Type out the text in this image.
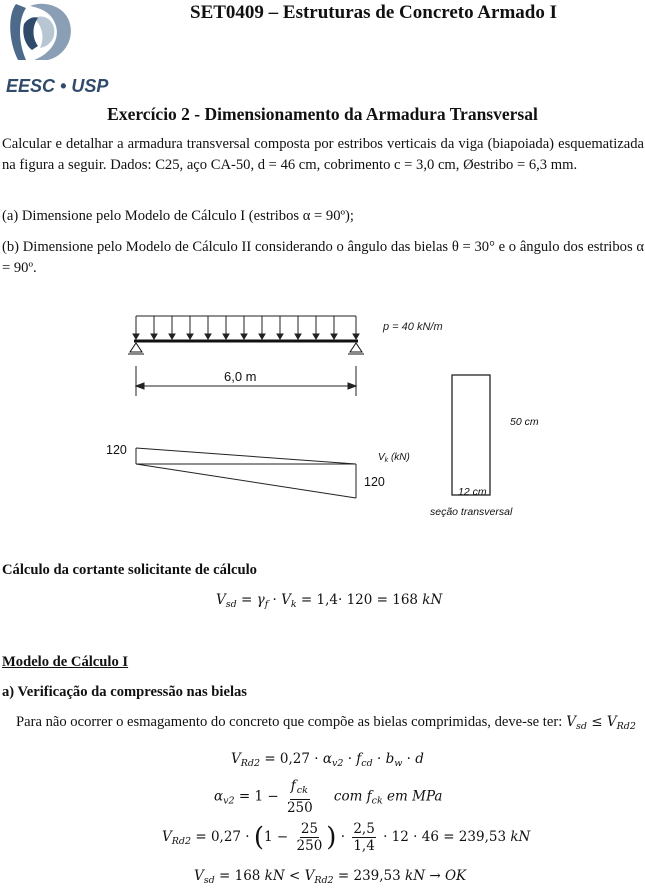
EESC • USP
SET0409 – Estruturas de Concreto Armado I
Exercício 2 - Dimensionamento da Armadura Transversal
Calcular e detalhar a armadura transversal composta por estribos verticais da viga (biapoiada) esquematizada na figura a seguir. Dados: C25, aço CA-50, d = 46 cm, cobrimento c = 3,0 cm, Øestribo = 6,3 mm.
(a) Dimensione pelo Modelo de Cálculo I (estribos α = 90º);
(b) Dimensione pelo Modelo de Cálculo II considerando o ângulo das bielas θ = 30° e o ângulo dos estribos α = 90º.
p = 40 kN/m
6,0 m
120
120
$V_k$ (kN)
50 cm
12 cm
seção transversal
Cálculo da cortante solicitante de cálculo
$V_{sd} = \gamma_f \cdot V_k = 1,4\cdot 120 = 168$ kN
Modelo de Cálculo I
a) Verificação da compressão nas bielas
Para não ocorrer o esmagamento do concreto que compõe as bielas comprimidas, deve-se ter: $V_{sd} \le V_{Rd2}$
$V_{Rd2} = 0,27 \cdot \alpha_{v2} \cdot f_{cd} \cdot b_w \cdot d$
$\alpha_{v2} = 1 - \frac{f_{ck}}{250}$ com $f_{ck}$ em MPa
$V_{Rd2} = 0,27 \cdot (1 - \frac{25}{250}$ ) · $\frac{2,5}{1,4} \cdot 12 \cdot 46 = 239,53$ kN
$V_{sd} = 168$ kN < $V_{Rd2} = 239,53$ kN → OK
